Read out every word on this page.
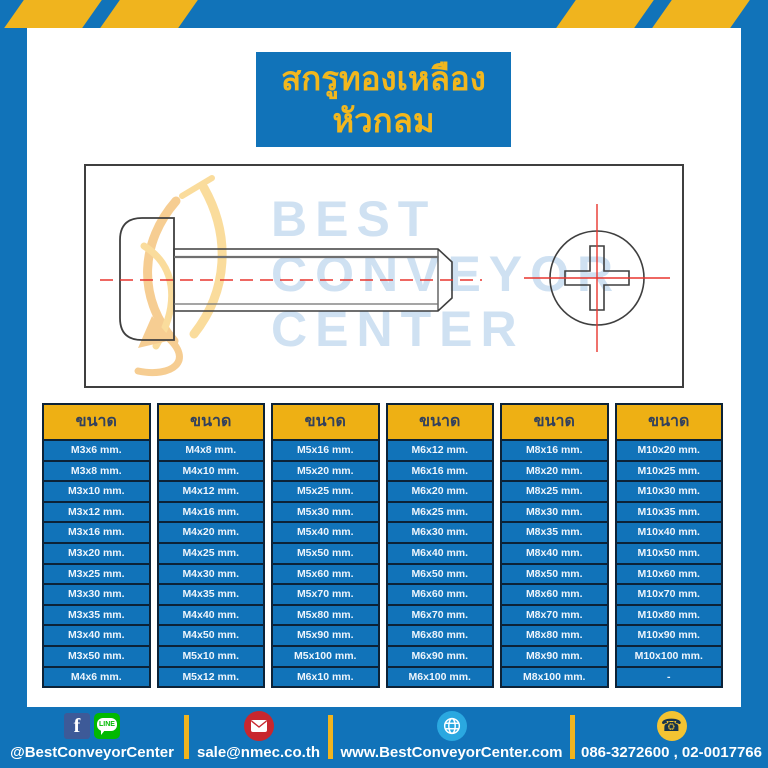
สกรูทองเหลือง
หัวกลม
BEST
CONVEYOR
CENTER
ขนาด
M3x6 mm.
M3x8 mm.
M3x10 mm.
M3x12 mm.
M3x16 mm.
M3x20 mm.
M3x25 mm.
M3x30 mm.
M3x35 mm.
M3x40 mm.
M3x50 mm.
M4x6 mm.
ขนาด
M4x8 mm.
M4x10 mm.
M4x12 mm.
M4x16 mm.
M4x20 mm.
M4x25 mm.
M4x30 mm.
M4x35 mm.
M4x40 mm.
M4x50 mm.
M5x10 mm.
M5x12 mm.
ขนาด
M5x16 mm.
M5x20 mm.
M5x25 mm.
M5x30 mm.
M5x40 mm.
M5x50 mm.
M5x60 mm.
M5x70 mm.
M5x80 mm.
M5x90 mm.
M5x100 mm.
M6x10 mm.
ขนาด
M6x12 mm.
M6x16 mm.
M6x20 mm.
M6x25 mm.
M6x30 mm.
M6x40 mm.
M6x50 mm.
M6x60 mm.
M6x70 mm.
M6x80 mm.
M6x90 mm.
M6x100 mm.
ขนาด
M8x16 mm.
M8x20 mm.
M8x25 mm.
M8x30 mm.
M8x35 mm.
M8x40 mm.
M8x50 mm.
M8x60 mm.
M8x70 mm.
M8x80 mm.
M8x90 mm.
M8x100 mm.
ขนาด
M10x20 mm.
M10x25 mm.
M10x30 mm.
M10x35 mm.
M10x40 mm.
M10x50 mm.
M10x60 mm.
M10x70 mm.
M10x80 mm.
M10x90 mm.
M10x100 mm.
-
f	LINE
@BestConveyorCenter sale@nmec.co.th www.BestConveyorCenter.com
☎
086-3272600 , 02-0017766
